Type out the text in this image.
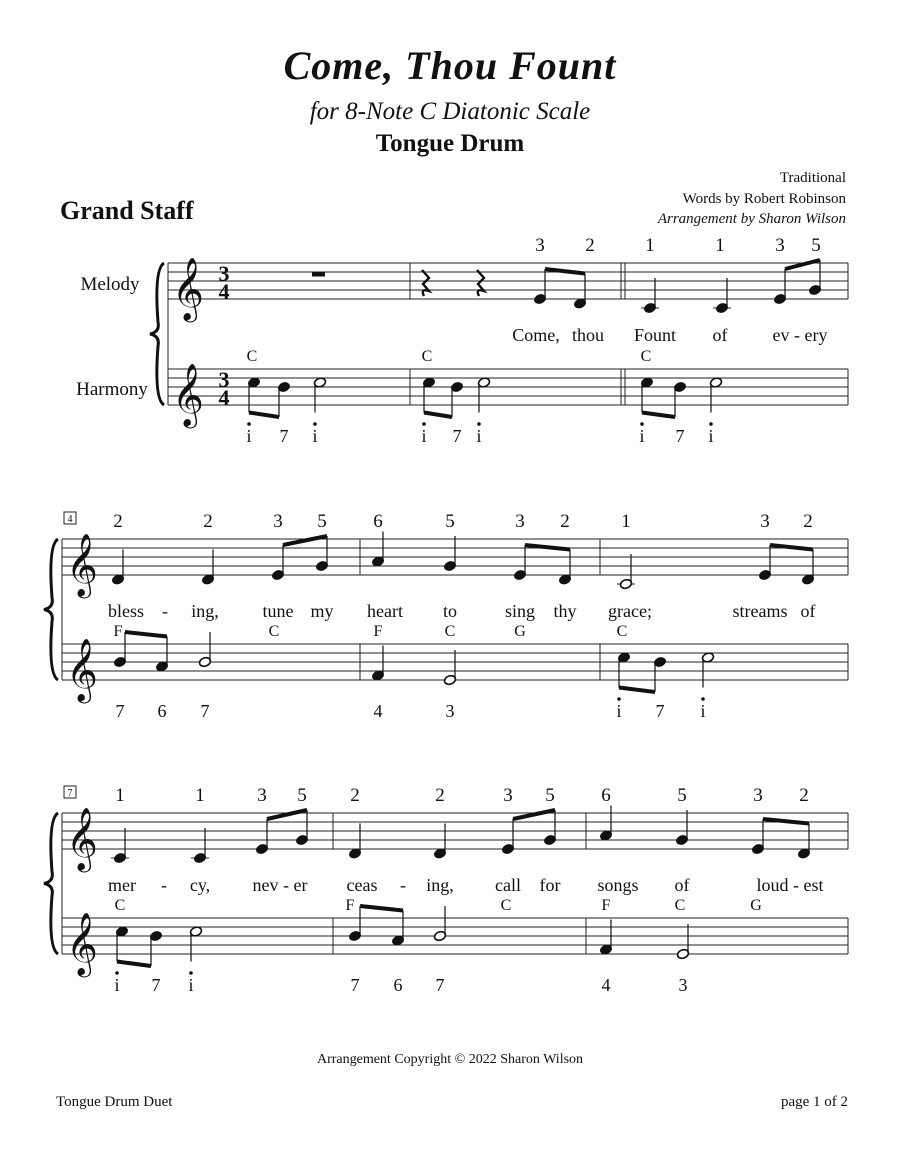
Come, Thou Fount
for 8-Note C Diatonic Scale
Tongue Drum
Traditional
Words by Robert Robinson
Arrangement by Sharon Wilson
Grand Staff
𝄞
𝄞
3
4
3
4
Melody
Harmony
𝄞
𝄞
4
𝄞
𝄞
7
C
i 7 i
3 2
Come, thou
C
i 7 i
1	1	3 5
Fount of	ev - ery
C
i 7 i
2	2	3 5
bless - ing, tune my
F	C
7 6 7
6	5	3 2
heart to	sing thy
F	C	G
4	3
1	3 2
grace;	streams of
C
i 7 i
1	1	3 5
mer - cy, nev - er
C
i 7 i
2	2	3 5
ceas - ing, call for
F	C
7 6 7
6	5	3 2
songs of	loud - est
F	C	G
4	3
Arrangement Copyright © 2022 Sharon Wilson
Tongue Drum Duet	page 1 of 2
